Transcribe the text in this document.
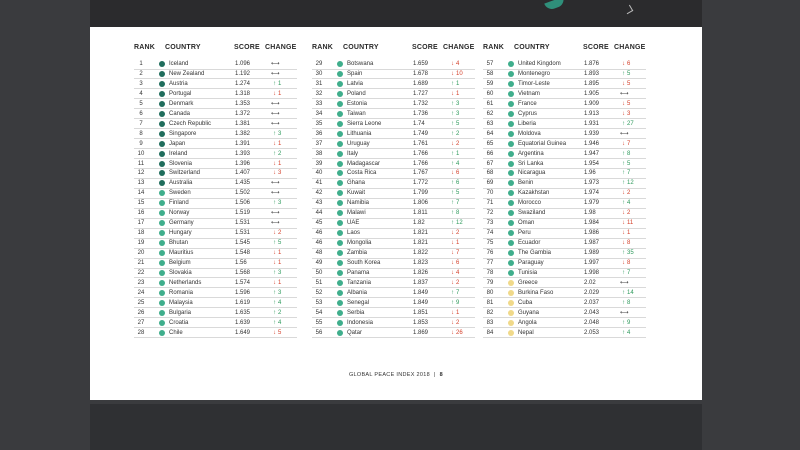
RANK COUNTRY	SCORE CHANGE
1	Iceland	1.096	⟷
2	New Zealand	1.192	⟷
3	Austria	1.274	↑ 1
4	Portugal	1.318	↓ 1
5	Denmark	1.353	⟷
6	Canada	1.372	⟷
7	Czech Republic	1.381	⟷
8	Singapore	1.382	↑ 3
9	Japan	1.391	↓ 1
10	Ireland	1.393	↑ 2
11	Slovenia	1.396	↓ 1
12	Switzerland	1.407	↓ 3
13	Australia	1.435	⟷
14	Sweden	1.502	⟷
15	Finland	1.506	↑ 3
16	Norway	1.519	⟷
17	Germany	1.531	⟷
18	Hungary	1.531	↓ 2
19	Bhutan	1.545	↑ 5
20	Mauritius	1.548	↓ 1
21	Belgium	1.56	↓ 1
22	Slovakia	1.568	↑ 3
23	Netherlands	1.574	↓ 1
24	Romania	1.596	↑ 3
25	Malaysia	1.619	↑ 4
26	Bulgaria	1.635	↑ 2
27	Croatia	1.639	↑ 4
28	Chile	1.649	↓ 5
RANK COUNTRY	SCORE CHANGE
29	Botswana	1.659	↓ 4
30	Spain	1.678	↓ 10
31	Latvia	1.689	↑ 1
32	Poland	1.727	↓ 1
33	Estonia	1.732	↑ 3
34	Taiwan	1.736	↑ 3
35	Sierra Leone	1.74	↑ 5
36	Lithuania	1.749	↑ 2
37	Uruguay	1.761	↓ 2
38	Italy	1.766	↑ 1
39	Madagascar	1.766	↑ 4
40	Costa Rica	1.767	↓ 6
41	Ghana	1.772	↑ 6
42	Kuwait	1.799	↑ 5
43	Namibia	1.806	↑ 7
44	Malawi	1.811	↑ 8
45	UAE	1.82	↑ 12
46	Laos	1.821	↓ 2
46	Mongolia	1.821	↓ 1
48	Zambia	1.822	↓ 7
49	South Korea	1.823	↓ 6
50	Panama	1.826	↓ 4
51	Tanzania	1.837	↓ 2
52	Albania	1.849	↑ 7
53	Senegal	1.849	↑ 9
54	Serbia	1.851	↓ 1
55	Indonesia	1.853	↓ 2
56	Qatar	1.869	↓ 26
RANK COUNTRY	SCORE CHANGE
57	United Kingdom	1.876	↓ 6
58	Montenegro	1.893	↑ 5
59	Timor-Leste	1.895	↓ 5
60	Vietnam	1.905	⟷
61	France	1.909	↓ 5
62	Cyprus	1.913	↓ 3
63	Liberia	1.931	↑ 27
64	Moldova	1.939	⟷
65	Equatorial Guinea	1.946	↓ 7
66	Argentina	1.947	↑ 8
67	Sri Lanka	1.954	↑ 5
68	Nicaragua	1.96	↑ 7
69	Benin	1.973	↑ 12
70	Kazakhstan	1.974	↓ 2
71	Morocco	1.979	↑ 4
72	Swaziland	1.98	↓ 2
73	Oman	1.984	↓ 11
74	Peru	1.986	↓ 1
75	Ecuador	1.987	↓ 8
76	The Gambia	1.989	↑ 35
77	Paraguay	1.997	↓ 8
78	Tunisia	1.998	↑ 7
79	Greece	2.02	⟷
80	Burkina Faso	2.029	↑ 14
81	Cuba	2.037	↑ 8
82	Guyana	2.043	⟷
83	Angola	2.048	↑ 9
84	Nepal	2.053	↑ 4
GLOBAL PEACE INDEX 2018 | 8
